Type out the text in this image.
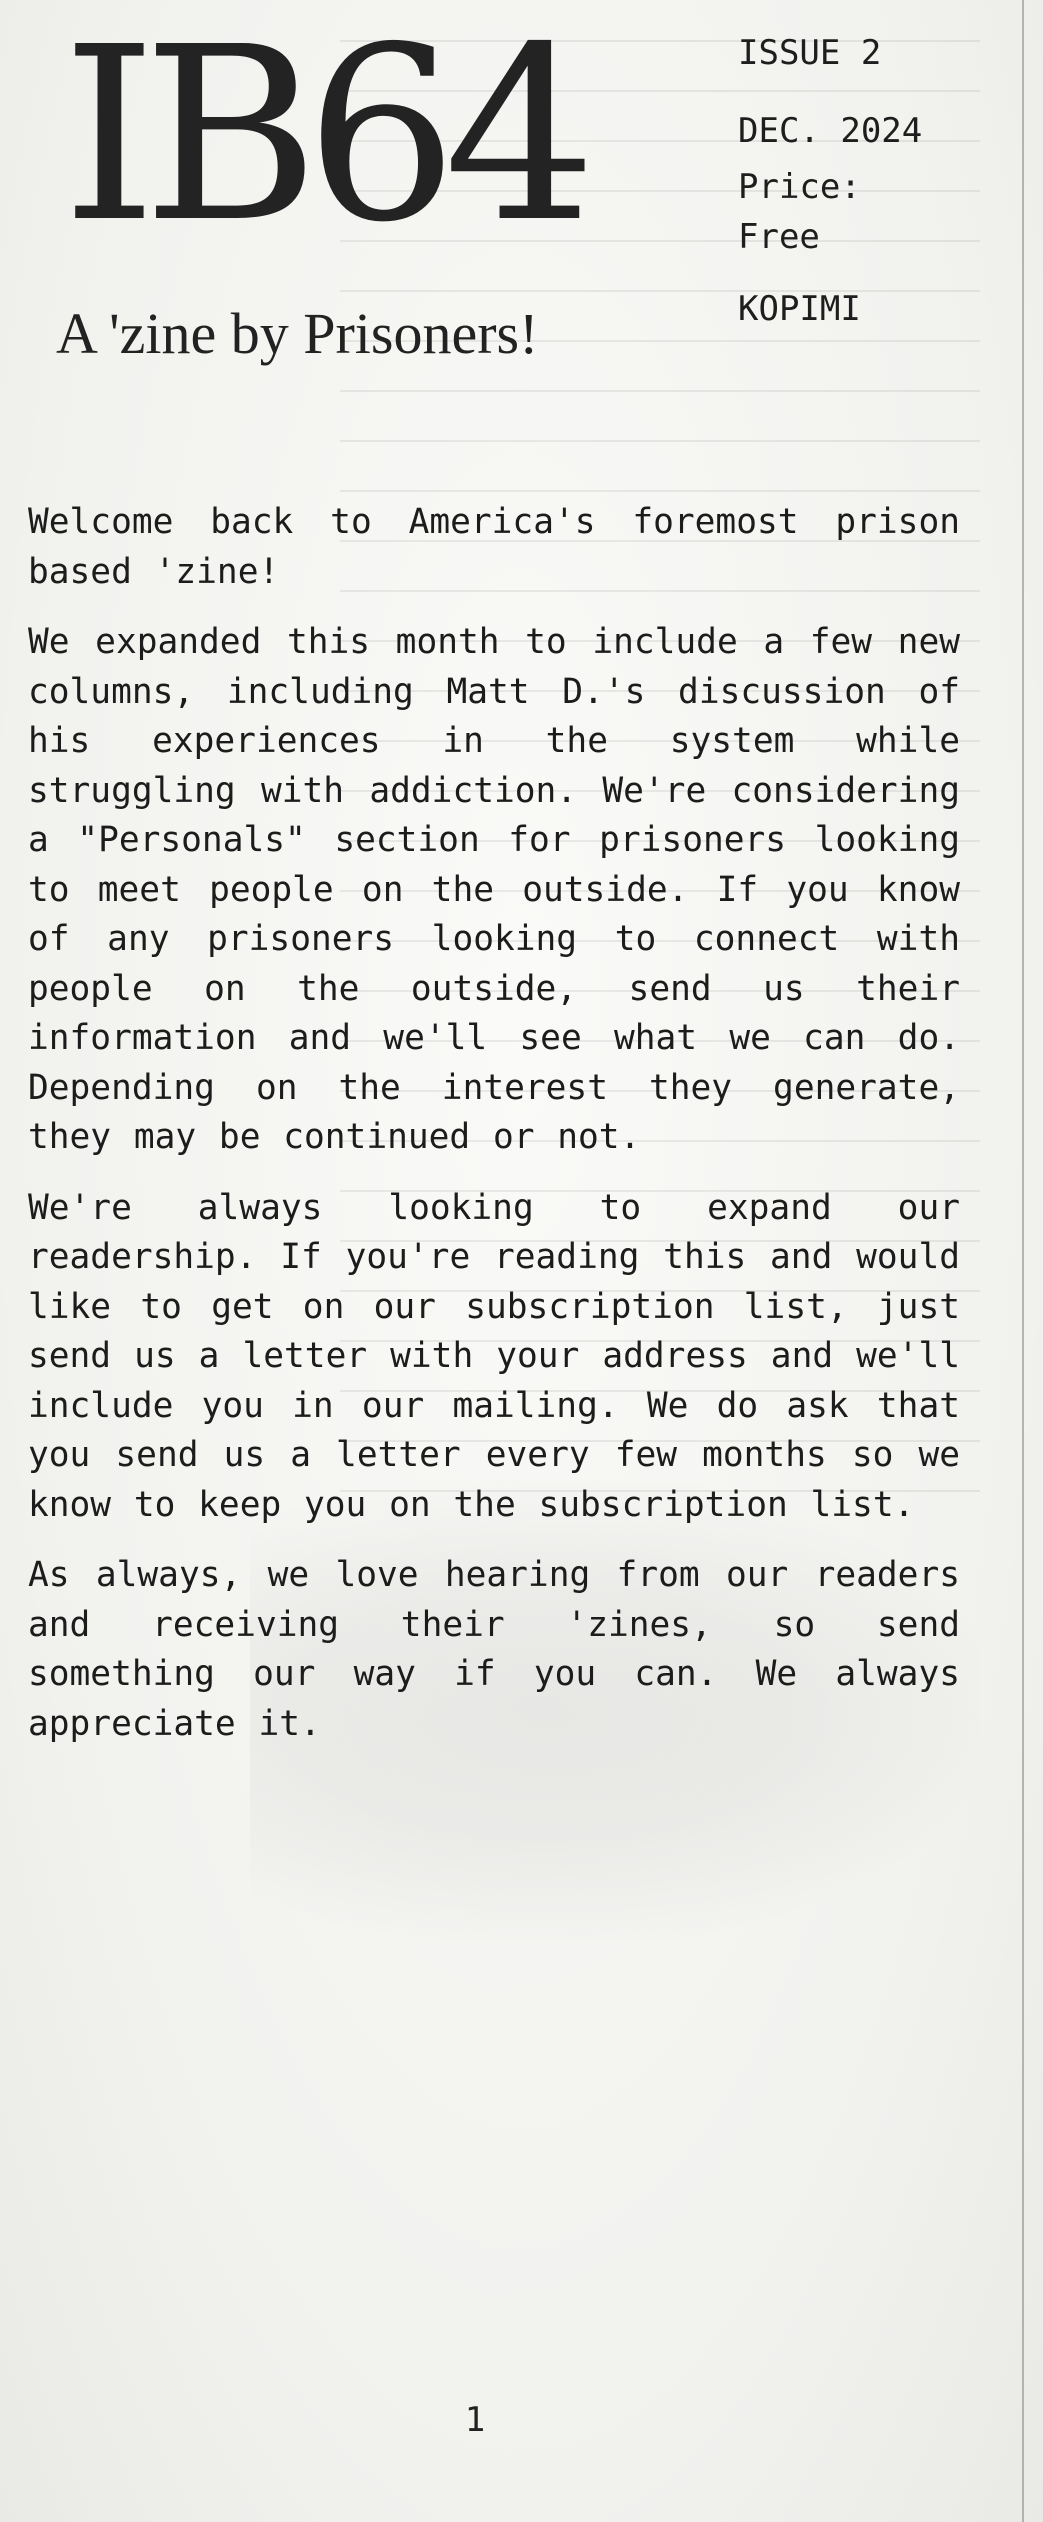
IB64
A 'zine by Prisoners!
ISSUE 2
DEC. 2024
Price:
Free
KOPIMI

Welcome back to America's foremost prison based 'zine!

We expanded this month to include a few new columns, including Matt D.'s discussion of his experiences in the system while struggling with addiction. We're considering a "Personals" section for prisoners looking to meet people on the outside. If you know of any prisoners looking to connect with people on the outside, send us their information and we'll see what we can do. Depending on the interest they generate, they may be continued or not.

We're always looking to expand our readership. If you're reading this and would like to get on our subscription list, just send us a letter with your address and we'll include you in our mailing. We do ask that you send us a letter every few months so we know to keep you on the subscription list.

As always, we love hearing from our readers and receiving their 'zines, so send something our way if you can. We always appreciate it.

1
